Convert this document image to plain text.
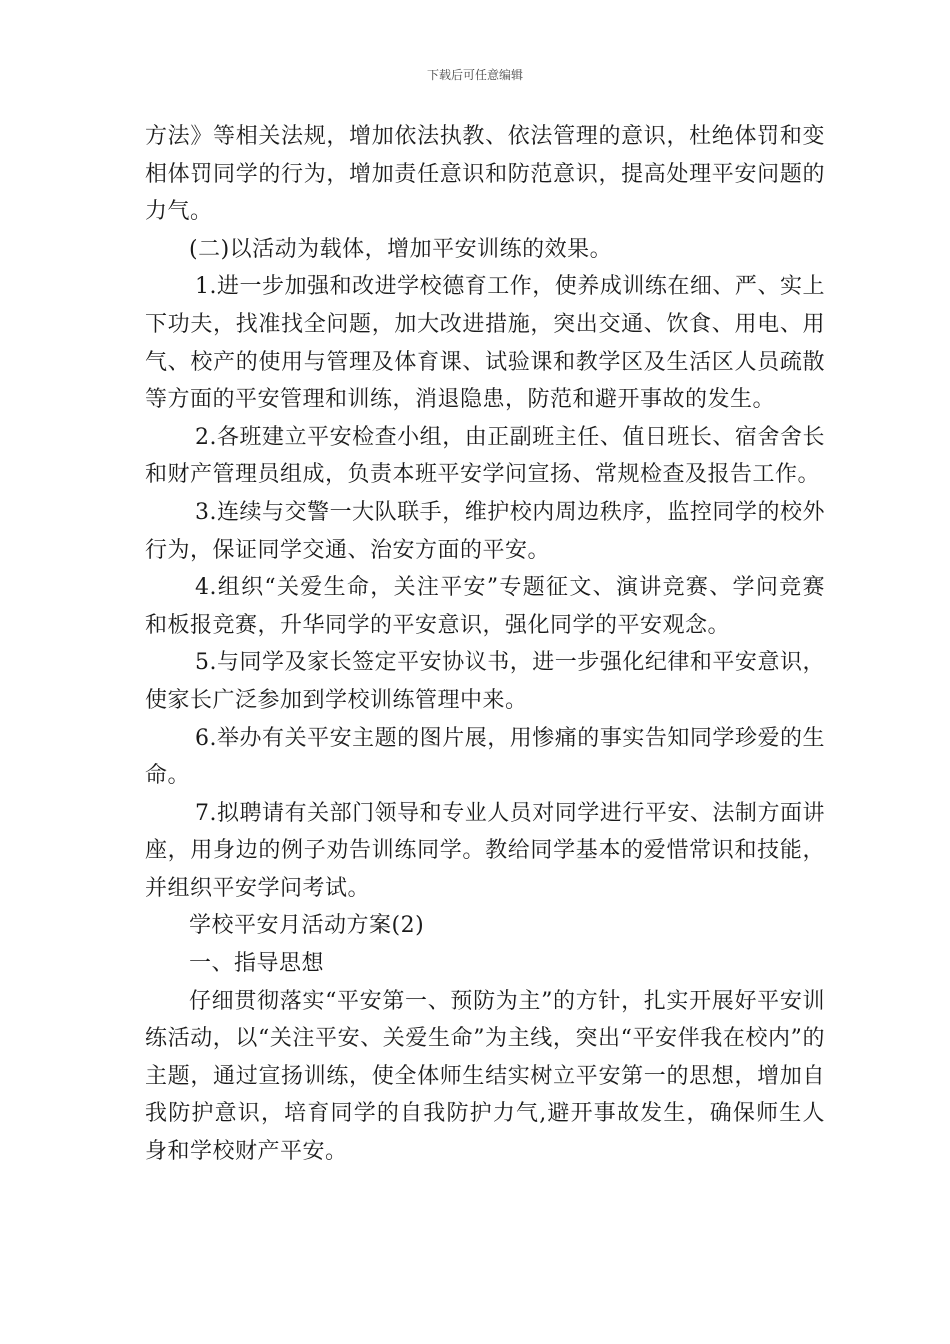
下载后可任意编辑

方法》等相关法规，增加依法执教、依法管理的意识，杜绝体罚和变相体罚同学的行为，增加责任意识和防范意识，提高处理平安问题的力气。

(二)以活动为载体，增加平安训练的效果。

1.进一步加强和改进学校德育工作，使养成训练在细、严、实上下功夫，找准找全问题，加大改进措施，突出交通、饮食、用电、用气、校产的使用与管理及体育课、试验课和教学区及生活区人员疏散等方面的平安管理和训练，消退隐患，防范和避开事故的发生。

2.各班建立平安检查小组，由正副班主任、值日班长、宿舍舍长和财产管理员组成，负责本班平安学问宣扬、常规检查及报告工作。

3.连续与交警一大队联手，维护校内周边秩序，监控同学的校外行为，保证同学交通、治安方面的平安。

4.组织“关爱生命，关注平安”专题征文、演讲竞赛、学问竞赛和板报竞赛，升华同学的平安意识，强化同学的平安观念。

5.与同学及家长签定平安协议书，进一步强化纪律和平安意识，使家长广泛参加到学校训练管理中来。

6.举办有关平安主题的图片展，用惨痛的事实告知同学珍爱的生命。

7.拟聘请有关部门领导和专业人员对同学进行平安、法制方面讲座，用身边的例子劝告训练同学。教给同学基本的爱惜常识和技能，并组织平安学问考试。

学校平安月活动方案(2)

一、指导思想

仔细贯彻落实“平安第一、预防为主”的方针，扎实开展好平安训练活动，以“关注平安、关爱生命”为主线，突出“平安伴我在校内”的主题，通过宣扬训练，使全体师生结实树立平安第一的思想，增加自我防护意识，培育同学的自我防护力气,避开事故发生，确保师生人身和学校财产平安。
